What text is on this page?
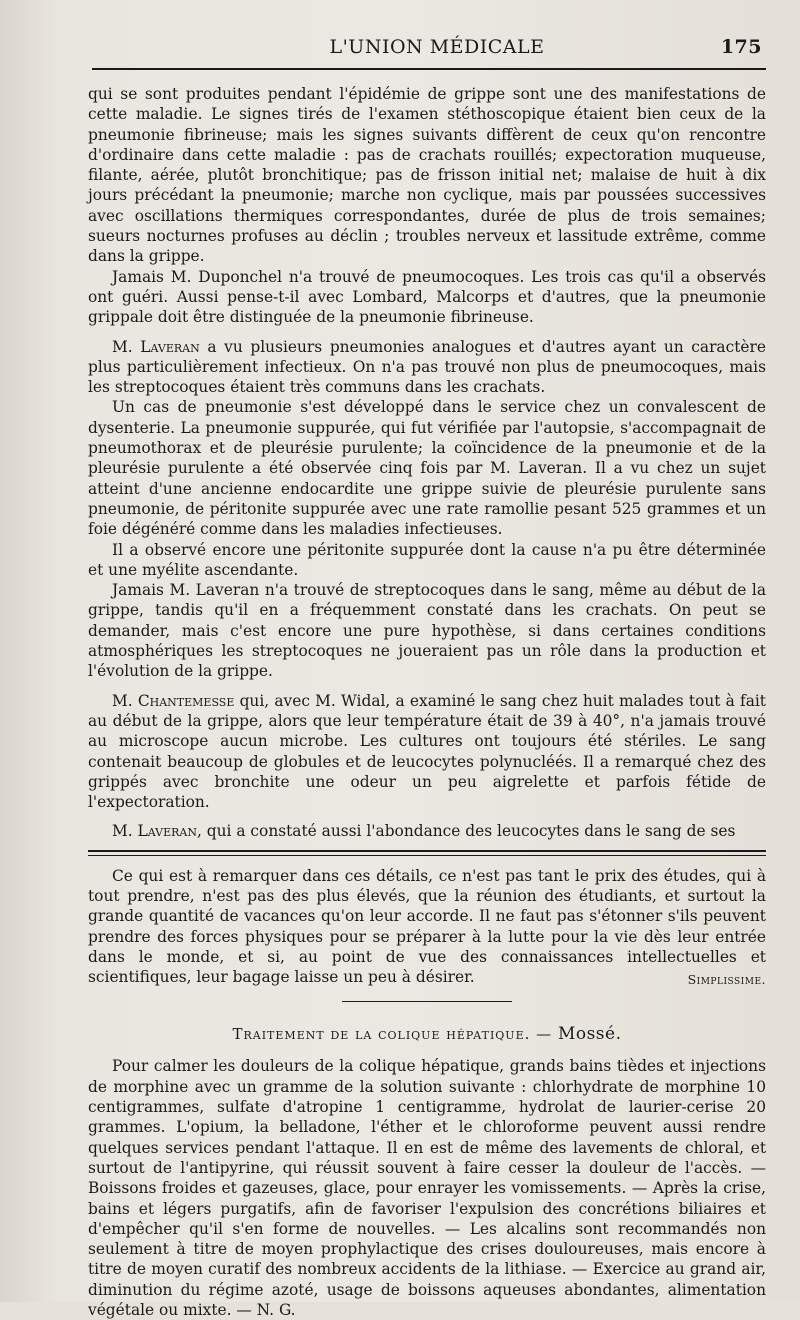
L'UNION MÉDICALE	175

qui se sont produites pendant l'épidémie de grippe sont une des manifestations de cette maladie. Le signes tirés de l'examen stéthoscopique étaient bien ceux de la pneumonie fibrineuse; mais les signes suivants diffèrent de ceux qu'on rencontre d'ordinaire dans cette maladie : pas de crachats rouillés; expectoration muqueuse, filante, aérée, plutôt bronchitique; pas de frisson initial net; malaise de huit à dix jours précédant la pneumonie; marche non cyclique, mais par poussées successives avec oscillations thermiques correspondantes, durée de plus de trois semaines; sueurs nocturnes profuses au déclin ; troubles nerveux et lassitude extrême, comme dans la grippe.

Jamais M. Duponchel n'a trouvé de pneumocoques. Les trois cas qu'il a observés ont guéri. Aussi pense-t-il avec Lombard, Malcorps et d'autres, que la pneumonie grippale doit être distinguée de la pneumonie fibrineuse.

M. Laveran a vu plusieurs pneumonies analogues et d'autres ayant un caractère plus particulièrement infectieux. On n'a pas trouvé non plus de pneumocoques, mais les streptocoques étaient très communs dans les crachats.

Un cas de pneumonie s'est développé dans le service chez un convalescent de dysenterie. La pneumonie suppurée, qui fut vérifiée par l'autopsie, s'accompagnait de pneumothorax et de pleurésie purulente; la coïncidence de la pneumonie et de la pleurésie purulente a été observée cinq fois par M. Laveran. Il a vu chez un sujet atteint d'une ancienne endocardite une grippe suivie de pleurésie purulente sans pneumonie, de péritonite suppurée avec une rate ramollie pesant 525 grammes et un foie dégénéré comme dans les maladies infectieuses.

Il a observé encore une péritonite suppurée dont la cause n'a pu être déterminée et une myélite ascendante.

Jamais M. Laveran n'a trouvé de streptocoques dans le sang, même au début de la grippe, tandis qu'il en a fréquemment constaté dans les crachats. On peut se demander, mais c'est encore une pure hypothèse, si dans certaines conditions atmosphériques les streptocoques ne joueraient pas un rôle dans la production et l'évolution de la grippe.

M. Chantemesse qui, avec M. Widal, a examiné le sang chez huit malades tout à fait au début de la grippe, alors que leur température était de 39 à 40°, n'a jamais trouvé au microscope aucun microbe. Les cultures ont toujours été stériles. Le sang contenait beaucoup de globules et de leucocytes polynucléés. Il a remarqué chez des grippés avec bronchite une odeur un peu aigrelette et parfois fétide de l'expectoration.

M. Laveran, qui a constaté aussi l'abondance des leucocytes dans le sang de ses

Ce qui est à remarquer dans ces détails, ce n'est pas tant le prix des études, qui à tout prendre, n'est pas des plus élevés, que la réunion des étudiants, et surtout la grande quantité de vacances qu'on leur accorde. Il ne faut pas s'étonner s'ils peuvent prendre des forces physiques pour se préparer à la lutte pour la vie dès leur entrée dans le monde, et si, au point de vue des connaissances intellectuelles et scientifiques, leur bagage laisse un peu à désirer.	Simplissime.

Traitement de la colique hépatique. — Mossé.

Pour calmer les douleurs de la colique hépatique, grands bains tièdes et injections de morphine avec un gramme de la solution suivante : chlorhydrate de morphine 10 centigrammes, sulfate d'atropine 1 centigramme, hydrolat de laurier-cerise 20 grammes. L'opium, la belladone, l'éther et le chloroforme peuvent aussi rendre quelques services pendant l'attaque. Il en est de même des lavements de chloral, et surtout de l'antipyrine, qui réussit souvent à faire cesser la douleur de l'accès. — Boissons froides et gazeuses, glace, pour enrayer les vomissements. — Après la crise, bains et légers purgatifs, afin de favoriser l'expulsion des concrétions biliaires et d'empêcher qu'il s'en forme de nouvelles. — Les alcalins sont recommandés non seulement à titre de moyen prophylactique des crises douloureuses, mais encore à titre de moyen curatif des nombreux accidents de la lithiase. — Exercice au grand air, diminution du régime azoté, usage de boissons aqueuses abondantes, alimentation végétale ou mixte. — N. G.
